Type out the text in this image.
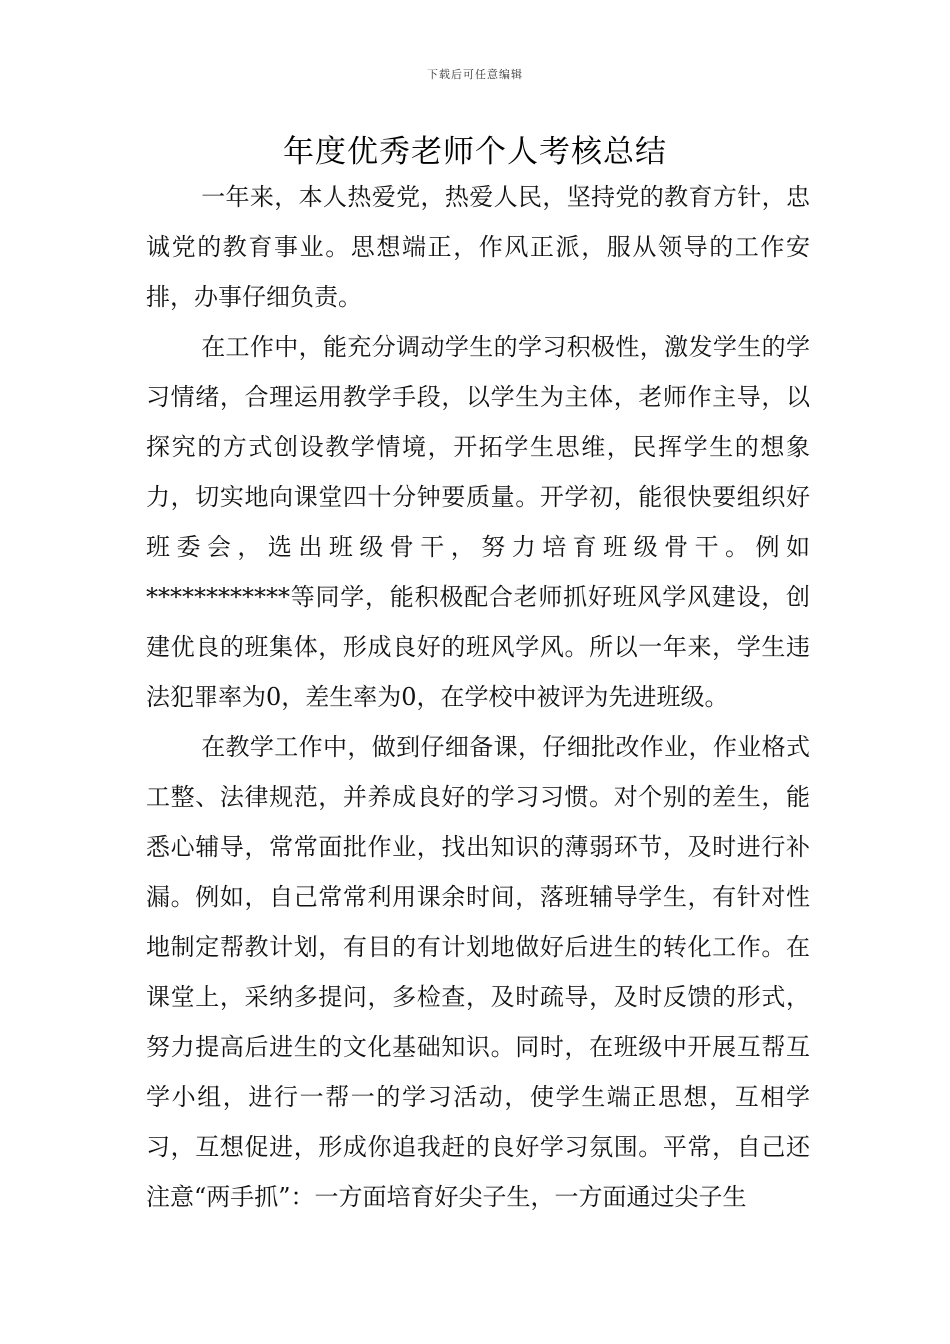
下载后可任意编辑
年度优秀老师个人考核总结

一年来，本人热爱党，热爱人民，坚持党的教育方针，忠诚党的教育事业。思想端正，作风正派，服从领导的工作安排，办事仔细负责。

在工作中，能充分调动学生的学习积极性，激发学生的学习情绪，合理运用教学手段，以学生为主体，老师作主导，以探究的方式创设教学情境，开拓学生思维，民挥学生的想象力，切实地向课堂四十分钟要质量。开学初，能很快要组织好班委会，选出班级骨干，努力培育班级骨干。例如************等同学，能积极配合老师抓好班风学风建设，创建优良的班集体，形成良好的班风学风。所以一年来，学生违法犯罪率为0，差生率为0，在学校中被评为先进班级。

在教学工作中，做到仔细备课，仔细批改作业，作业格式工整、法律规范，并养成良好的学习习惯。对个别的差生，能悉心辅导，常常面批作业，找出知识的薄弱环节，及时进行补漏。例如，自己常常利用课余时间，落班辅导学生，有针对性地制定帮教计划，有目的有计划地做好后进生的转化工作。在课堂上，采纳多提问，多检查，及时疏导，及时反馈的形式，努力提高后进生的文化基础知识。同时，在班级中开展互帮互学小组，进行一帮一的学习活动，使学生端正思想，互相学习，互想促进，形成你追我赶的良好学习氛围。平常，自己还注意“两手抓”：一方面培育好尖子生，一方面通过尖子生
